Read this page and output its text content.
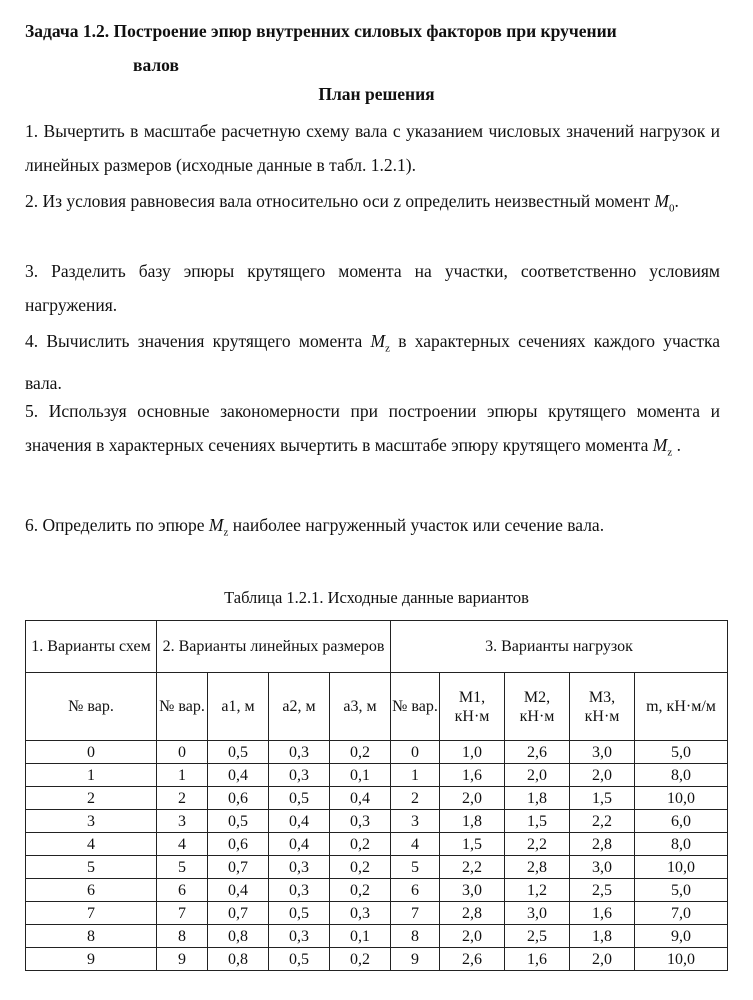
Задача 1.2. Построение эпюр внутренних силовых факторов при кручении
валов
План решения
1. Вычертить в масштабе расчетную схему вала с указанием числовых значений нагрузок и линейных размеров (исходные данные в табл. 1.2.1).
2. Из условия равновесия вала относительно оси z определить неизвестный момент $M_0$.
3. Разделить базу эпюры крутящего момента на участки, соответственно условиям нагружения.
4. Вычислить значения крутящего момента $M_z$ в характерных сечениях каждого участка вала.
5. Используя основные закономерности при построении эпюры крутящего момента и значения в характерных сечениях вычертить в масштабе эпюру крутящего момента $M_z$ .
6. Определить по эпюре $M_z$ наиболее нагруженный участок или сечение вала.
Таблица 1.2.1. Исходные данные вариантов
1. Варианты схем	2. Варианты линейных размеров				3. Варианты нагрузок				
№ вар.	№ вар.	a1, м	a2, м	a3, м	№ вар.	M1, кН·м	M2, кН·м	M3, кН·м	m, кН·м/м
0	0	0,5	0,3	0,2	0	1,0	2,6	3,0	5,0
1	1	0,4	0,3	0,1	1	1,6	2,0	2,0	8,0
2	2	0,6	0,5	0,4	2	2,0	1,8	1,5	10,0
3	3	0,5	0,4	0,3	3	1,8	1,5	2,2	6,0
4	4	0,6	0,4	0,2	4	1,5	2,2	2,8	8,0
5	5	0,7	0,3	0,2	5	2,2	2,8	3,0	10,0
6	6	0,4	0,3	0,2	6	3,0	1,2	2,5	5,0
7	7	0,7	0,5	0,3	7	2,8	3,0	1,6	7,0
8	8	0,8	0,3	0,1	8	2,0	2,5	1,8	9,0
9	9	0,8	0,5	0,2	9	2,6	1,6	2,0	10,0
